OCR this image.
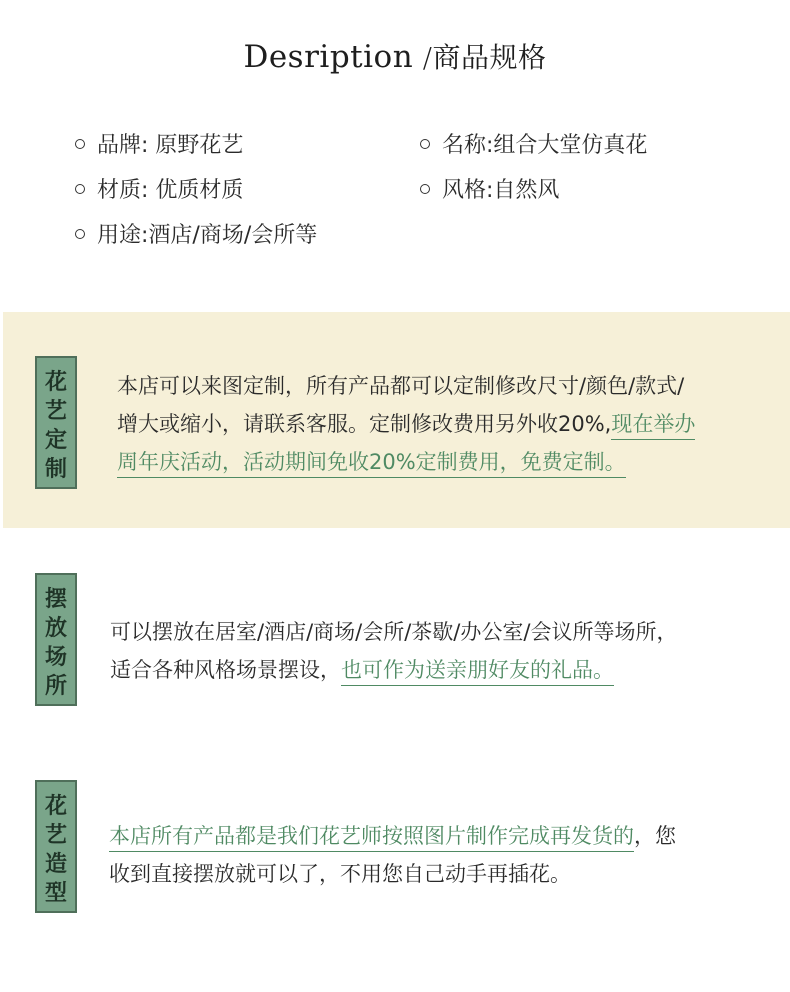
Desription /商品规格
品牌: 原野花艺	名称:组合大堂仿真花
材质: 优质材质	风格:自然风
用途:酒店/商场/会所等
花
艺
定
制
本店可以来图定制，所有产品都可以定制修改尺寸/颜色/款式/
增大或缩小，请联系客服。定制修改费用另外收20%,现在举办
周年庆活动，活动期间免收20%定制费用，免费定制。
摆
放
场
所
可以摆放在居室/酒店/商场/会所/茶歇/办公室/会议所等场所，
适合各种风格场景摆设，也可作为送亲朋好友的礼品。
花
艺
造
型
本店所有产品都是我们花艺师按照图片制作完成再发货的，您
收到直接摆放就可以了，不用您自己动手再插花。
